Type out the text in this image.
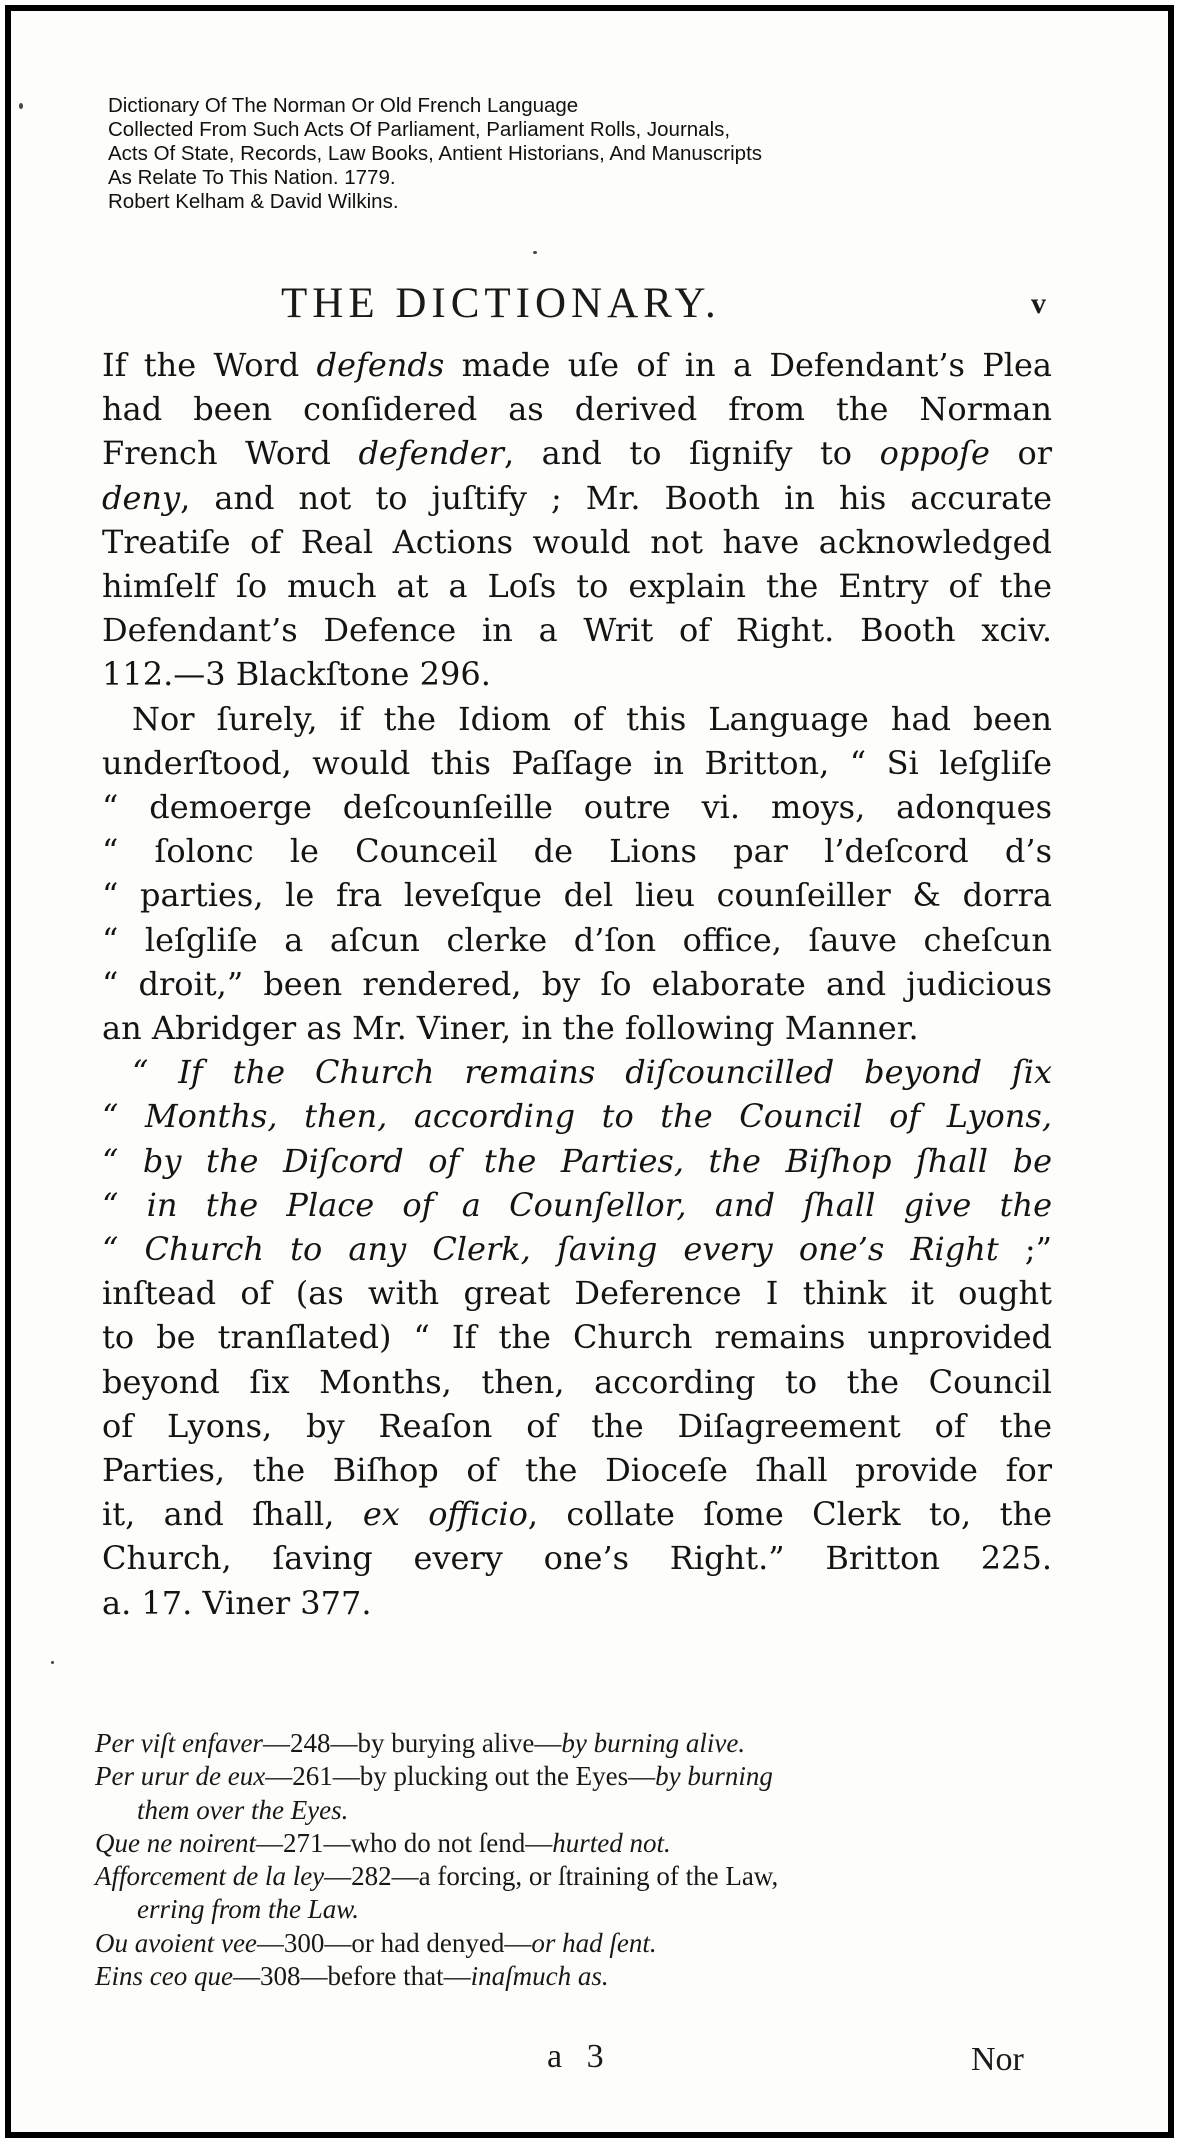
Dictionary Of The Norman Or Old French Language
Collected From Such Acts Of Parliament, Parliament Rolls, Journals,
Acts Of State, Records, Law Books, Antient Historians, And Manuscripts
As Relate To This Nation. 1779.
Robert Kelham & David Wilkins.
THE DICTIONARY.	v
If the Word defends made uſe of in a Defendant’s Plea
had been conſidered as derived from the Norman
French Word defender, and to ſignify to oppoſe or
deny, and not to juſtify ; Mr. Booth in his accurate
Treatiſe of Real Actions would not have acknowledged
himſelf ſo much at a Loſs to explain the Entry of the
Defendant’s Defence in a Writ of Right. Booth xciv.
112.—3 Blackſtone 296.
Nor ſurely, if the Idiom of this Language had been
underſtood, would this Paſſage in Britton, “ Si leſgliſe
“ demoerge deſcounſeille outre vi. moys, adonques
“ ſolonc le Counceil de Lions par l’deſcord d’s
“ parties, le fra leveſque del lieu counſeiller & dorra
“ leſgliſe a aſcun clerke d’ſon office, ſauve cheſcun
“ droit,” been rendered, by ſo elaborate and judicious
an Abridger as Mr. Viner, in the following Manner.
“ If the Church remains diſcouncilled beyond ſix
“ Months, then, according to the Council of Lyons,
“ by the Diſcord of the Parties, the Biſhop ſhall be
“ in the Place of a Counſellor, and ſhall give the
“ Church to any Clerk, ſaving every one’s Right ;”
inſtead of (as with great Deference I think it ought
to be tranſlated) “ If the Church remains unprovided
beyond ſix Months, then, according to the Council
of Lyons, by Reaſon of the Diſagreement of the
Parties, the Biſhop of the Dioceſe ſhall provide for
it, and ſhall, ex officio, collate ſome Clerk to, the
Church, ſaving every one’s Right.” Britton 225.
a. 17. Viner 377.
Per viſt enfaver—248—by burying alive—by burning alive.
Per urur de eux—261—by plucking out the Eyes—by burning
them over the Eyes.
Que ne noirent—271—who do not ſend—hurted not.
Afforcement de la ley—282—a forcing, or ſtraining of the Law,
erring from the Law.
Ou avoient vee—300—or had denyed—or had ſent.
Eins ceo que—308—before that—inaſmuch as.
a 3	Nor
